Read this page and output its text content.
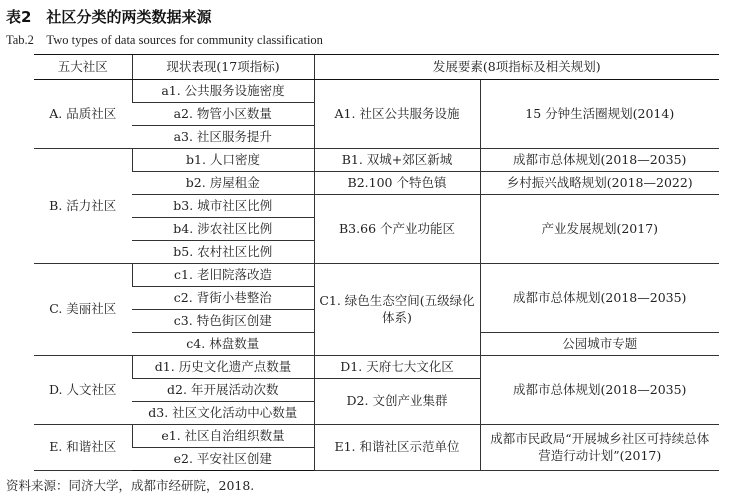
表2　社区分类的两类数据来源
Tab.2　Two types of data sources for community classification
五大社区	现状表现(17项指标)	发展要素(8项指标及相关规划)	
A. 品质社区	a1. 公共服务设施密度	A1. 社区公共服务设施	15 分钟生活圈规划(2014)
	a2. 物管小区数量		
	a3. 社区服务提升		
B. 活力社区	b1. 人口密度	B1. 双城+郊区新城	成都市总体规划(2018—2035)
	b2. 房屋租金	B2.100 个特色镇	乡村振兴战略规划(2018—2022)
	b3. 城市社区比例	B3.66 个产业功能区	产业发展规划(2017)
	b4. 涉农社区比例		
	b5. 农村社区比例		
C. 美丽社区	c1. 老旧院落改造	C1. 绿色生态空间(五级绿化体系)	成都市总体规划(2018—2035)
	c2. 背街小巷整治		
	c3. 特色街区创建		
	c4. 林盘数量		公园城市专题
D. 人文社区	d1. 历史文化遗产点数量	D1. 天府七大文化区	成都市总体规划(2018—2035)
	d2. 年开展活动次数	D2. 文创产业集群	
	d3. 社区文化活动中心数量		
E. 和谐社区	e1. 社区自治组织数量	E1. 和谐社区示范单位	成都市民政局“开展城乡社区可持续总体营造行动计划”(2017)
	e2. 平安社区创建		
资料来源：同济大学，成都市经研院，2018.
